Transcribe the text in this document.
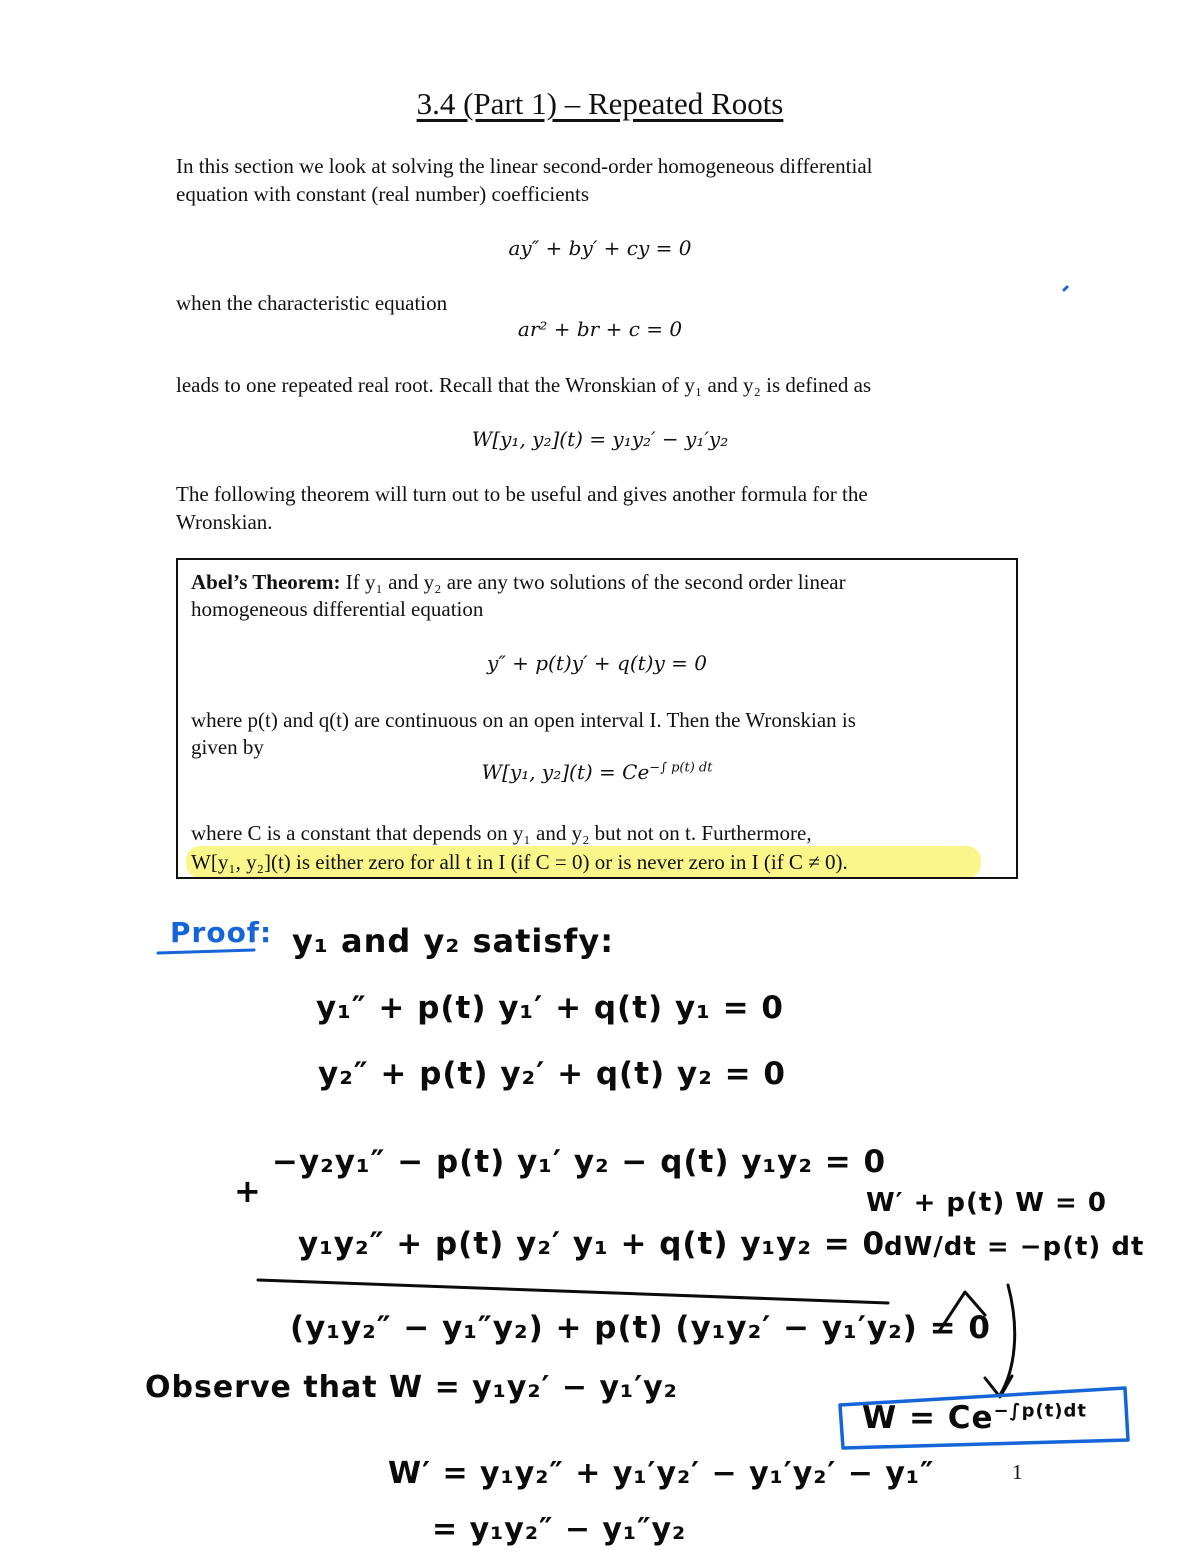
3.4 (Part 1) – Repeated Roots
In this section we look at solving the linear second-order homogeneous differential
equation with constant (real number) coefficients
ay″ + by′ + cy = 0
when the characteristic equation
ar² + br + c = 0
leads to one repeated real root. Recall that the Wronskian of y₁ and y₂ is defined as
W[y₁, y₂](t) = y₁y₂′ − y₁′y₂
The following theorem will turn out to be useful and gives another formula for the
Wronskian.
Abel’s Theorem: If y₁ and y₂ are any two solutions of the second order linear
homogeneous differential equation
y″ + p(t)y′ + q(t)y = 0
where p(t) and q(t) are continuous on an open interval I. Then the Wronskian is
given by
W[y₁, $y_2](t) = Ce^{-\int p(t) dt}$
where C is a constant that depends on y₁ and y₂ but not on t. Furthermore,
W[y₁, y₂](t) is either zero for all t in I (if C = 0) or is never zero in I (if C ≠ 0).
Proof: y₁ and y₂ satisfy:
y₁″ + p(t) y₁′ + q(t) y₁ = 0
y₂″ + p(t) y₂′ + q(t) y₂ = 0
−y₂y₁″ − p(t) y₁′ y₂ − q(t) y₁y₂ = 0
+
y₁y₂″ + p(t) y₂′ y₁ + q(t) y₁y₂ = 0
W′ + p(t) W = 0
dW/dt = −p(t) dt
(y₁y₂″ − y₁″y₂) + p(t) (y₁y₂′ − y₁′y₂) = 0
Observe that W = y₁y₂′ − y₁′y₂
$W = Ce^{-\int p(t)dt}$
W′ = y₁y₂″ + y₁′y₂′ − y₁′y₂′ − y₁″
= y₁y₂″ − y₁″y₂
1
